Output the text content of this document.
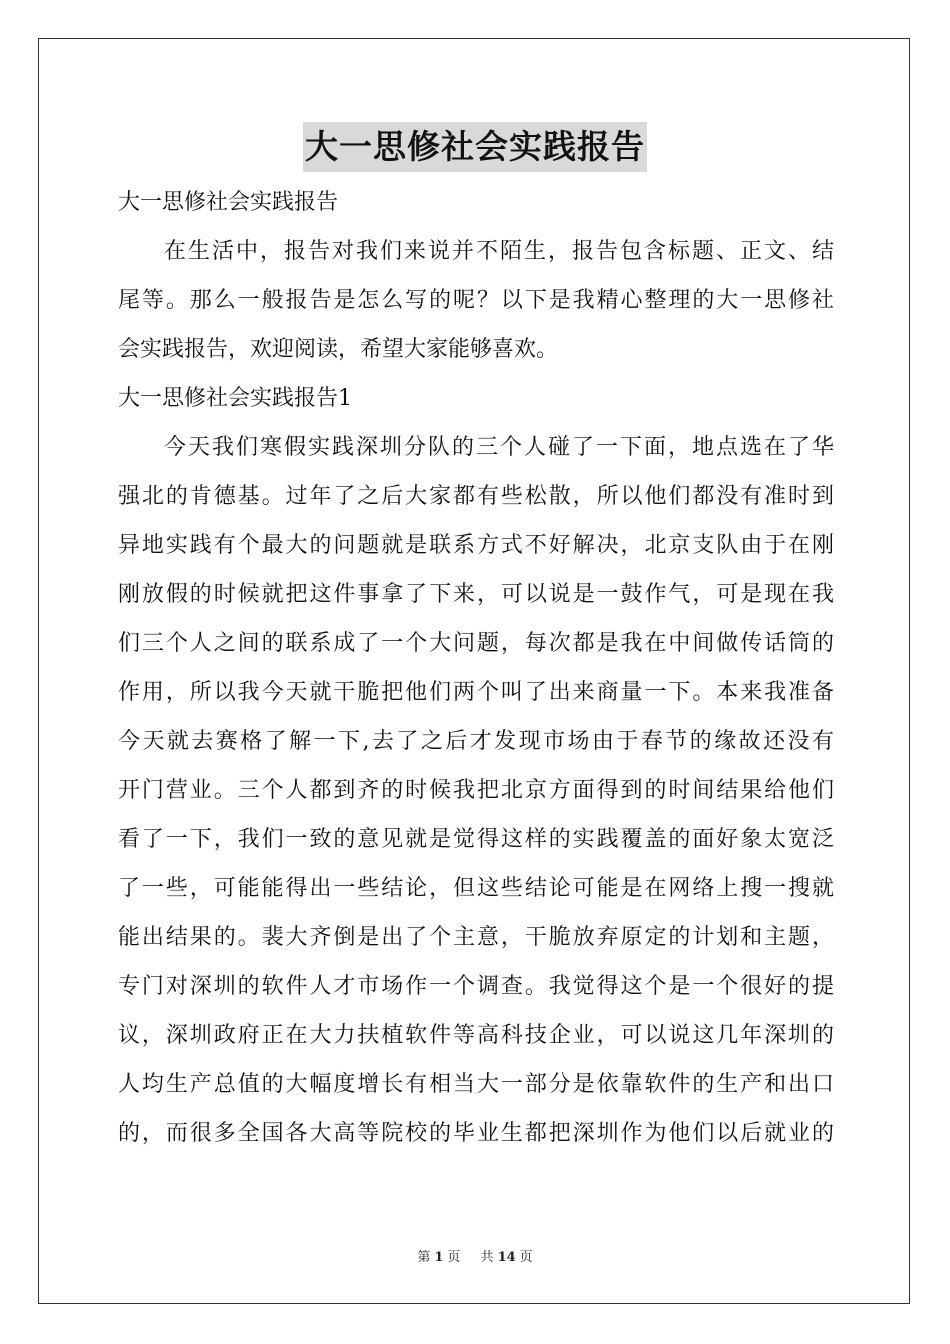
大一思修社会实践报告
大一思修社会实践报告
在生活中，报告对我们来说并不陌生，报告包含标题、正文、结
尾等。那么一般报告是怎么写的呢？以下是我精心整理的大一思修社
会实践报告，欢迎阅读，希望大家能够喜欢。
大一思修社会实践报告1
今天我们寒假实践深圳分队的三个人碰了一下面，地点选在了华
强北的肯德基。过年了之后大家都有些松散，所以他们都没有准时到
异地实践有个最大的问题就是联系方式不好解决，北京支队由于在刚
刚放假的时候就把这件事拿了下来，可以说是一鼓作气，可是现在我
们三个人之间的联系成了一个大问题，每次都是我在中间做传话筒的
作用，所以我今天就干脆把他们两个叫了出来商量一下。本来我准备
今天就去赛格了解一下,去了之后才发现市场由于春节的缘故还没有
开门营业。三个人都到齐的时候我把北京方面得到的时间结果给他们
看了一下，我们一致的意见就是觉得这样的实践覆盖的面好象太宽泛
了一些，可能能得出一些结论，但这些结论可能是在网络上搜一搜就
能出结果的。裴大齐倒是出了个主意，干脆放弃原定的计划和主题，
专门对深圳的软件人才市场作一个调查。我觉得这个是一个很好的提
议，深圳政府正在大力扶植软件等高科技企业，可以说这几年深圳的
人均生产总值的大幅度增长有相当大一部分是依靠软件的生产和出口
的，而很多全国各大高等院校的毕业生都把深圳作为他们以后就业的
第 1 页 共 14 页
